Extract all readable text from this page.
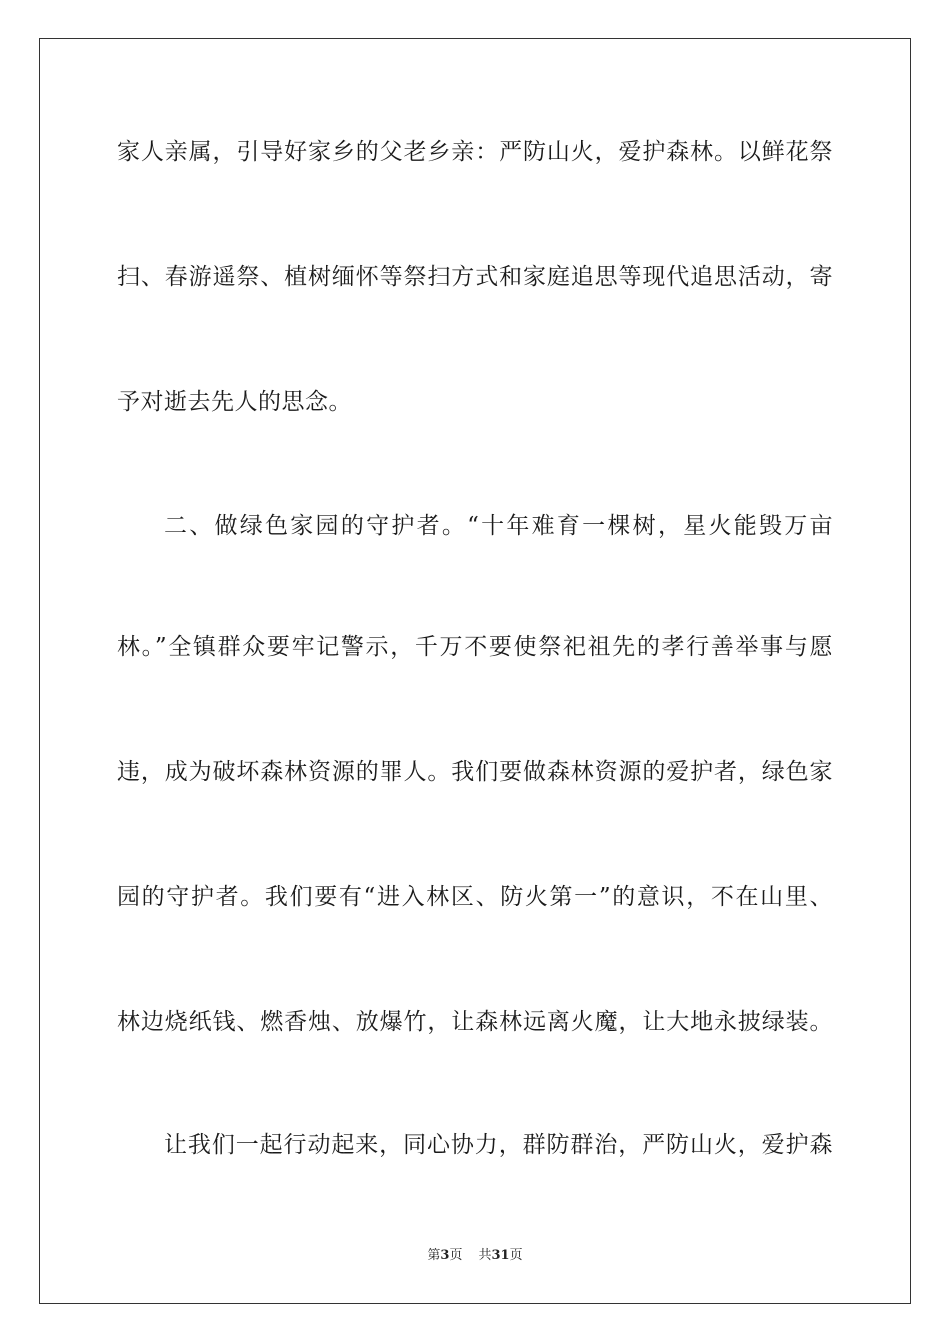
家人亲属，引导好家乡的父老乡亲：严防山火，爱护森林。以鲜花祭
扫、春游遥祭、植树缅怀等祭扫方式和家庭追思等现代追思活动，寄
予对逝去先人的思念。
二、做绿色家园的守护者。“十年难育一棵树，星火能毁万亩
林。”全镇群众要牢记警示，千万不要使祭祀祖先的孝行善举事与愿
违，成为破坏森林资源的罪人。我们要做森林资源的爱护者，绿色家
园的守护者。我们要有“进入林区、防火第一”的意识，不在山里、
林边烧纸钱、燃香烛、放爆竹，让森林远离火魔，让大地永披绿装。
让我们一起行动起来，同心协力，群防群治，严防山火，爱护森
第3页 共31页
